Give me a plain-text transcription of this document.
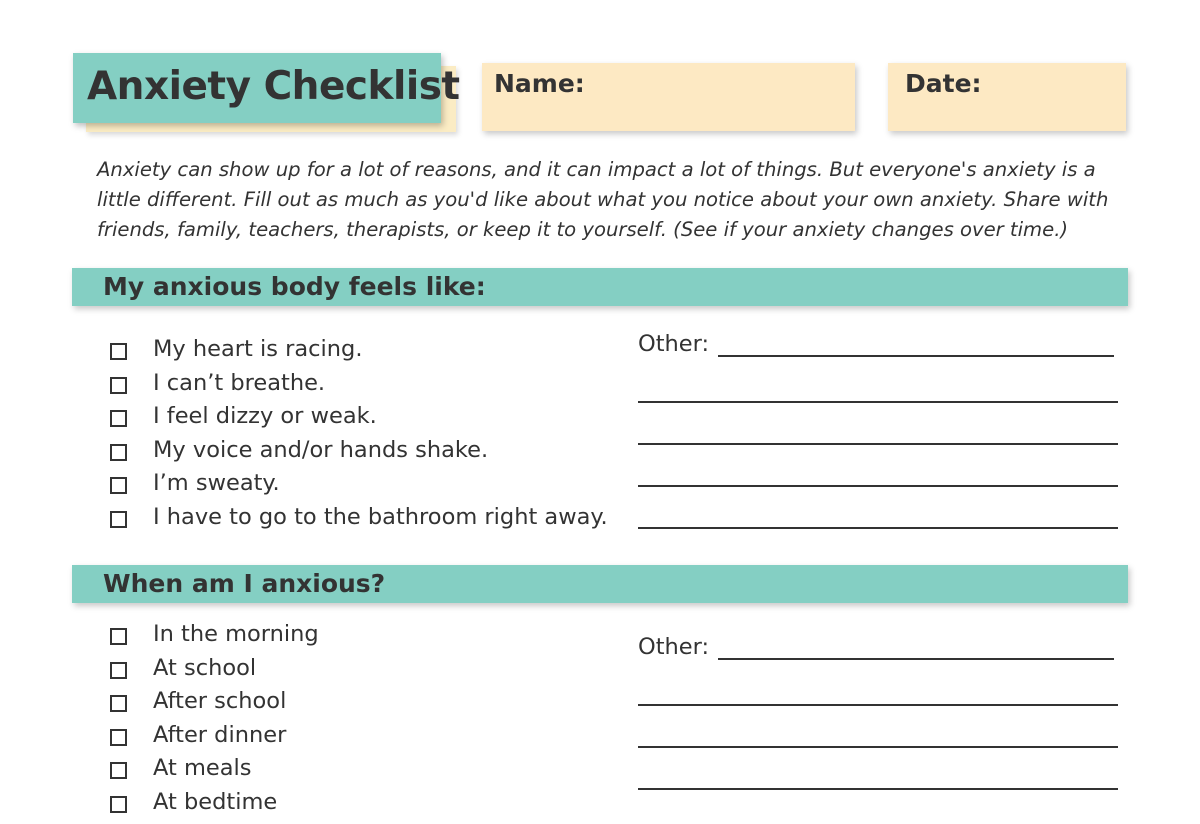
Anxiety Checklist Name:	Date:
Anxiety can show up for a lot of reasons, and it can impact a lot of things. But everyone's anxiety is a
little different. Fill out as much as you'd like about what you notice about your own anxiety. Share with
friends, family, teachers, therapists, or keep it to yourself. (See if your anxiety changes over time.)
My anxious body feels like:
My heart is racing.
I can’t breathe.
I feel dizzy or weak.
My voice and/or hands shake.
I’m sweaty.
I have to go to the bathroom right away.
Other:
When am I anxious?
In the morning
At school
After school
After dinner
At meals
At bedtime
Other:
